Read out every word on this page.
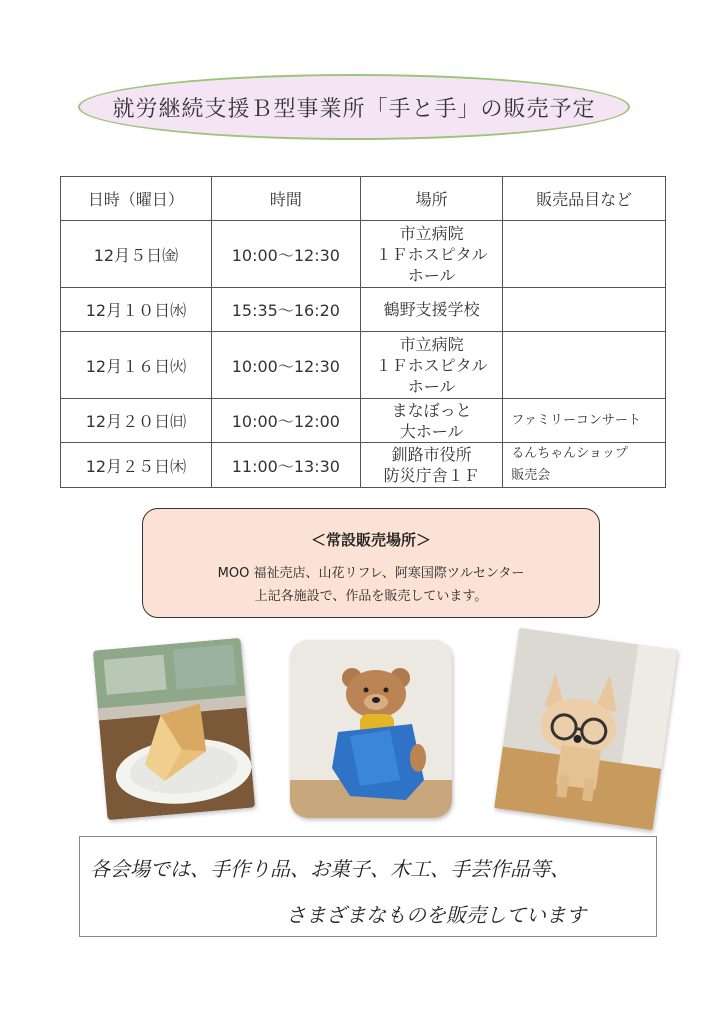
就労継続支援Ｂ型事業所「手と手」の販売予定
日時（曜日）	時間	場所	販売品目など
12月５日㈮	10:00〜12:30	市立病院
１Ｆホスピタル
ホール	
12月１０日㈬	15:35〜16:20	鶴野支援学校	
12月１６日㈫	10:00〜12:30	市立病院
１Ｆホスピタル
ホール	
12月２０日㈰	10:00〜12:00	まなぼっと
大ホール	ファミリーコンサート
12月２５日㈭	11:00〜13:30	釧路市役所
防災庁舎１Ｆ	るんちゃんショップ
販売会
＜常設販売場所＞
MOO 福祉売店、山花リフレ、阿寒国際ツルセンター
上記各施設で、作品を販売しています。
各会場では、手作り品、お菓子、木工、手芸作品等、
さまざまなものを販売しています
